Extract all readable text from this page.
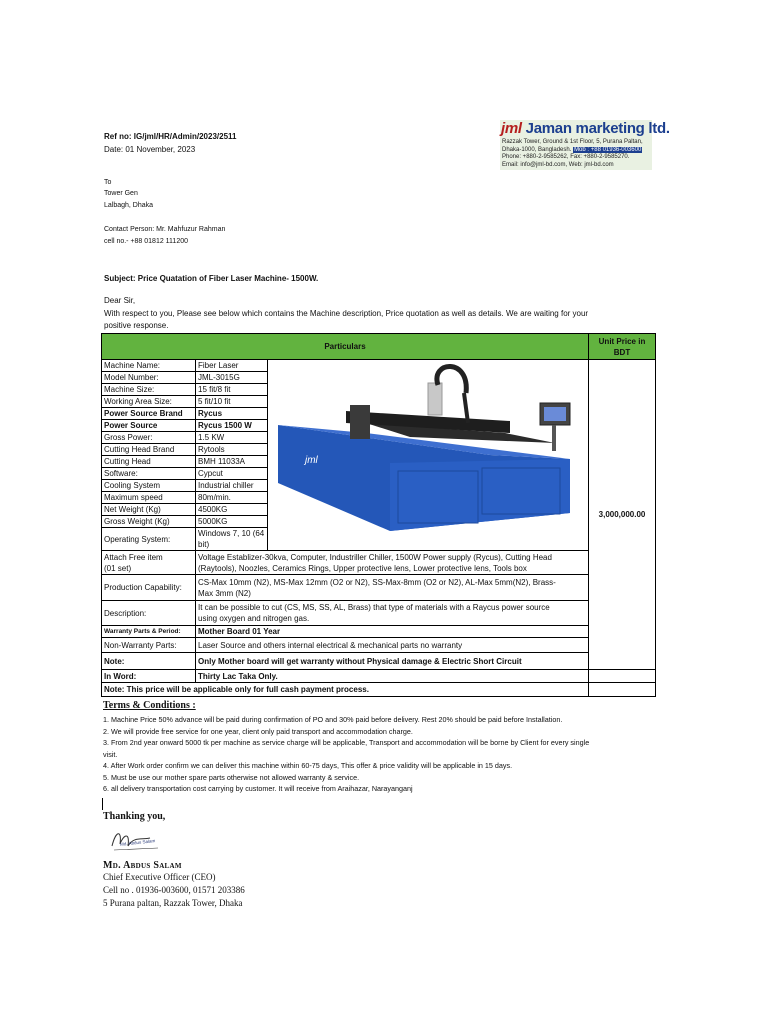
Ref no: IG/jml/HR/Admin/2023/2511
Date: 01 November, 2023
jml Jaman marketing ltd.
Razzak Tower, Ground & 1st Floor, 5, Purana Paltan,
Dhaka-1000, Bangladesh. Mob : +88 01936-003600
Phone: +880-2-9585262, Fax: +880-2-9585270.
Email: info@jml-bd.com, Web: jml-bd.com
To
Tower Gen
Lalbagh, Dhaka
Contact Person: Mr. Mahfuzur Rahman
cell no.- +88 01812 111200
Subject: Price Quatation of Fiber Laser Machine- 1500W.
Dear Sir,
With respect to you, Please see below which contains the Machine description, Price quotation as well as details. We are waiting for your
positive response.
Particulars			Unit Price in
BDT
Machine Name:	Fiber Laser		3,000,000.00
Model Number:	JML-3015G		
Machine Size:	15 fit/8 fit		
Working Area Size:	5 fit/10 fit		
Power Source Brand	Rycus		
Power Source	Rycus 1500 W		
Gross Power:	1.5 KW		
Cutting Head Brand	Rytools		
Cutting Head	BMH 11033A		
Software:	Cypcut		
Cooling System	Industrial chiller		
Maximum speed	80m/min.		
Net Weight (Kg)	4500KG		
Gross Weight (Kg)	5000KG		
Operating System:	Windows 7, 10 (64 bit)		
Attach Free item
(01 set)	Voltage Establizer-30kva, Computer, Industriller Chiller, 1500W Power supply (Rycus), Cutting Head
(Raytools), Noozles, Ceramics Rings, Upper protective lens, Lower protective lens, Tools box		
Production Capability:	CS-Max 10mm (N2), MS-Max 12mm (O2 or N2), SS-Max-8mm (O2 or N2), AL-Max 5mm(N2), Brass-
Max 3mm (N2)		
Description:	It can be possible to cut (CS, MS, SS, AL, Brass) that type of materials with a Raycus power source
using oxygen and nitrogen gas.		
Warranty Parts & Period:	Mother Board 01 Year		
Non-Warranty Parts:	Laser Source and others internal electrical & mechanical parts no warranty		
Note:	Only Mother board will get warranty without Physical damage & Electric Short Circuit		
In Word:	Thirty Lac Taka Only.		
Note: This price will be applicable only for full cash payment process.			
jml
Terms & Conditions :
1. Machine Price 50% advance will be paid during confirmation of PO and 30% paid before delivery. Rest 20% should be paid before Installation.
2. We will provide free service for one year, client only paid transport and accommodation charge.
3. From 2nd year onward 5000 tk per machine as service charge will be applicable, Transport and accommodation will be borne by Client for every single
visit.
4. After Work order confirm we can deliver this machine within 60-75 days, This offer & price validity will be applicable in 15 days.
5. Must be use our mother spare parts otherwise not allowed warranty & service.
6. all delivery transportation cost carrying by customer. It will receive from Araihazar, Narayanganj
Thanking you,
Md. Abdus Salam
Md. Abdus Salam
Chief Executive Officer (CEO)
Cell no . 01936-003600, 01571 203386
5 Purana paltan, Razzak Tower, Dhaka
